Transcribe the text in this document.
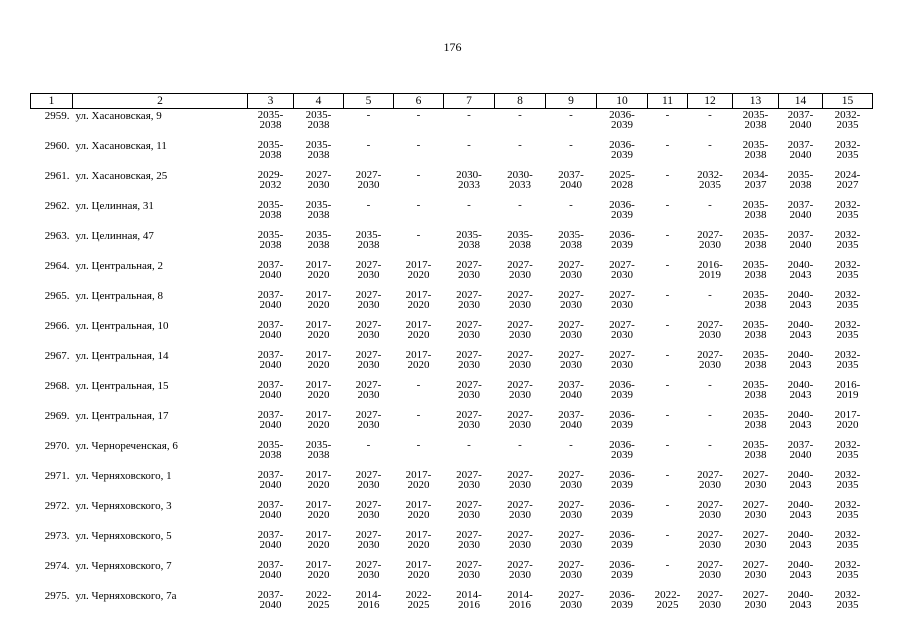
176
1	2	3	4	5	6	7	8	9	10	11	12	13	14	15
2959.	ул. Хасановская, 9	2035-
2038	2035-
2038	-	-	-	-	-	2036-
2039	-	-	2035-
2038	2037-
2040	2032-
2035

2960.	ул. Хасановская, 11	2035-
2038	2035-
2038	-	-	-	-	-	2036-
2039	-	-	2035-
2038	2037-
2040	2032-
2035

2961.	ул. Хасановская, 25	2029-
2032	2027-
2030	2027-
2030	-	2030-
2033	2030-
2033	2037-
2040	2025-
2028	-	2032-
2035	2034-
2037	2035-
2038	2024-
2027

2962.	ул. Целинная, 31	2035-
2038	2035-
2038	-	-	-	-	-	2036-
2039	-	-	2035-
2038	2037-
2040	2032-
2035

2963.	ул. Целинная, 47	2035-
2038	2035-
2038	2035-
2038	-	2035-
2038	2035-
2038	2035-
2038	2036-
2039	-	2027-
2030	2035-
2038	2037-
2040	2032-
2035

2964.	ул. Центральная, 2	2037-
2040	2017-
2020	2027-
2030	2017-
2020	2027-
2030	2027-
2030	2027-
2030	2027-
2030	-	2016-
2019	2035-
2038	2040-
2043	2032-
2035

2965.	ул. Центральная, 8	2037-
2040	2017-
2020	2027-
2030	2017-
2020	2027-
2030	2027-
2030	2027-
2030	2027-
2030	-	-	2035-
2038	2040-
2043	2032-
2035

2966.	ул. Центральная, 10	2037-
2040	2017-
2020	2027-
2030	2017-
2020	2027-
2030	2027-
2030	2027-
2030	2027-
2030	-	2027-
2030	2035-
2038	2040-
2043	2032-
2035

2967.	ул. Центральная, 14	2037-
2040	2017-
2020	2027-
2030	2017-
2020	2027-
2030	2027-
2030	2027-
2030	2027-
2030	-	2027-
2030	2035-
2038	2040-
2043	2032-
2035

2968.	ул. Центральная, 15	2037-
2040	2017-
2020	2027-
2030	-	2027-
2030	2027-
2030	2037-
2040	2036-
2039	-	-	2035-
2038	2040-
2043	2016-
2019

2969.	ул. Центральная, 17	2037-
2040	2017-
2020	2027-
2030	-	2027-
2030	2027-
2030	2037-
2040	2036-
2039	-	-	2035-
2038	2040-
2043	2017-
2020

2970.	ул. Чернореченская, 6	2035-
2038	2035-
2038	-	-	-	-	-	2036-
2039	-	-	2035-
2038	2037-
2040	2032-
2035

2971.	ул. Черняховского, 1	2037-
2040	2017-
2020	2027-
2030	2017-
2020	2027-
2030	2027-
2030	2027-
2030	2036-
2039	-	2027-
2030	2027-
2030	2040-
2043	2032-
2035

2972.	ул. Черняховского, 3	2037-
2040	2017-
2020	2027-
2030	2017-
2020	2027-
2030	2027-
2030	2027-
2030	2036-
2039	-	2027-
2030	2027-
2030	2040-
2043	2032-
2035

2973.	ул. Черняховского, 5	2037-
2040	2017-
2020	2027-
2030	2017-
2020	2027-
2030	2027-
2030	2027-
2030	2036-
2039	-	2027-
2030	2027-
2030	2040-
2043	2032-
2035

2974.	ул. Черняховского, 7	2037-
2040	2017-
2020	2027-
2030	2017-
2020	2027-
2030	2027-
2030	2027-
2030	2036-
2039	-	2027-
2030	2027-
2030	2040-
2043	2032-
2035

2975.	ул. Черняховского, 7а	2037-
2040	2022-
2025	2014-
2016	2022-
2025	2014-
2016	2014-
2016	2027-
2030	2036-
2039	2022-
2025	2027-
2030	2027-
2030	2040-
2043	2032-
2035
